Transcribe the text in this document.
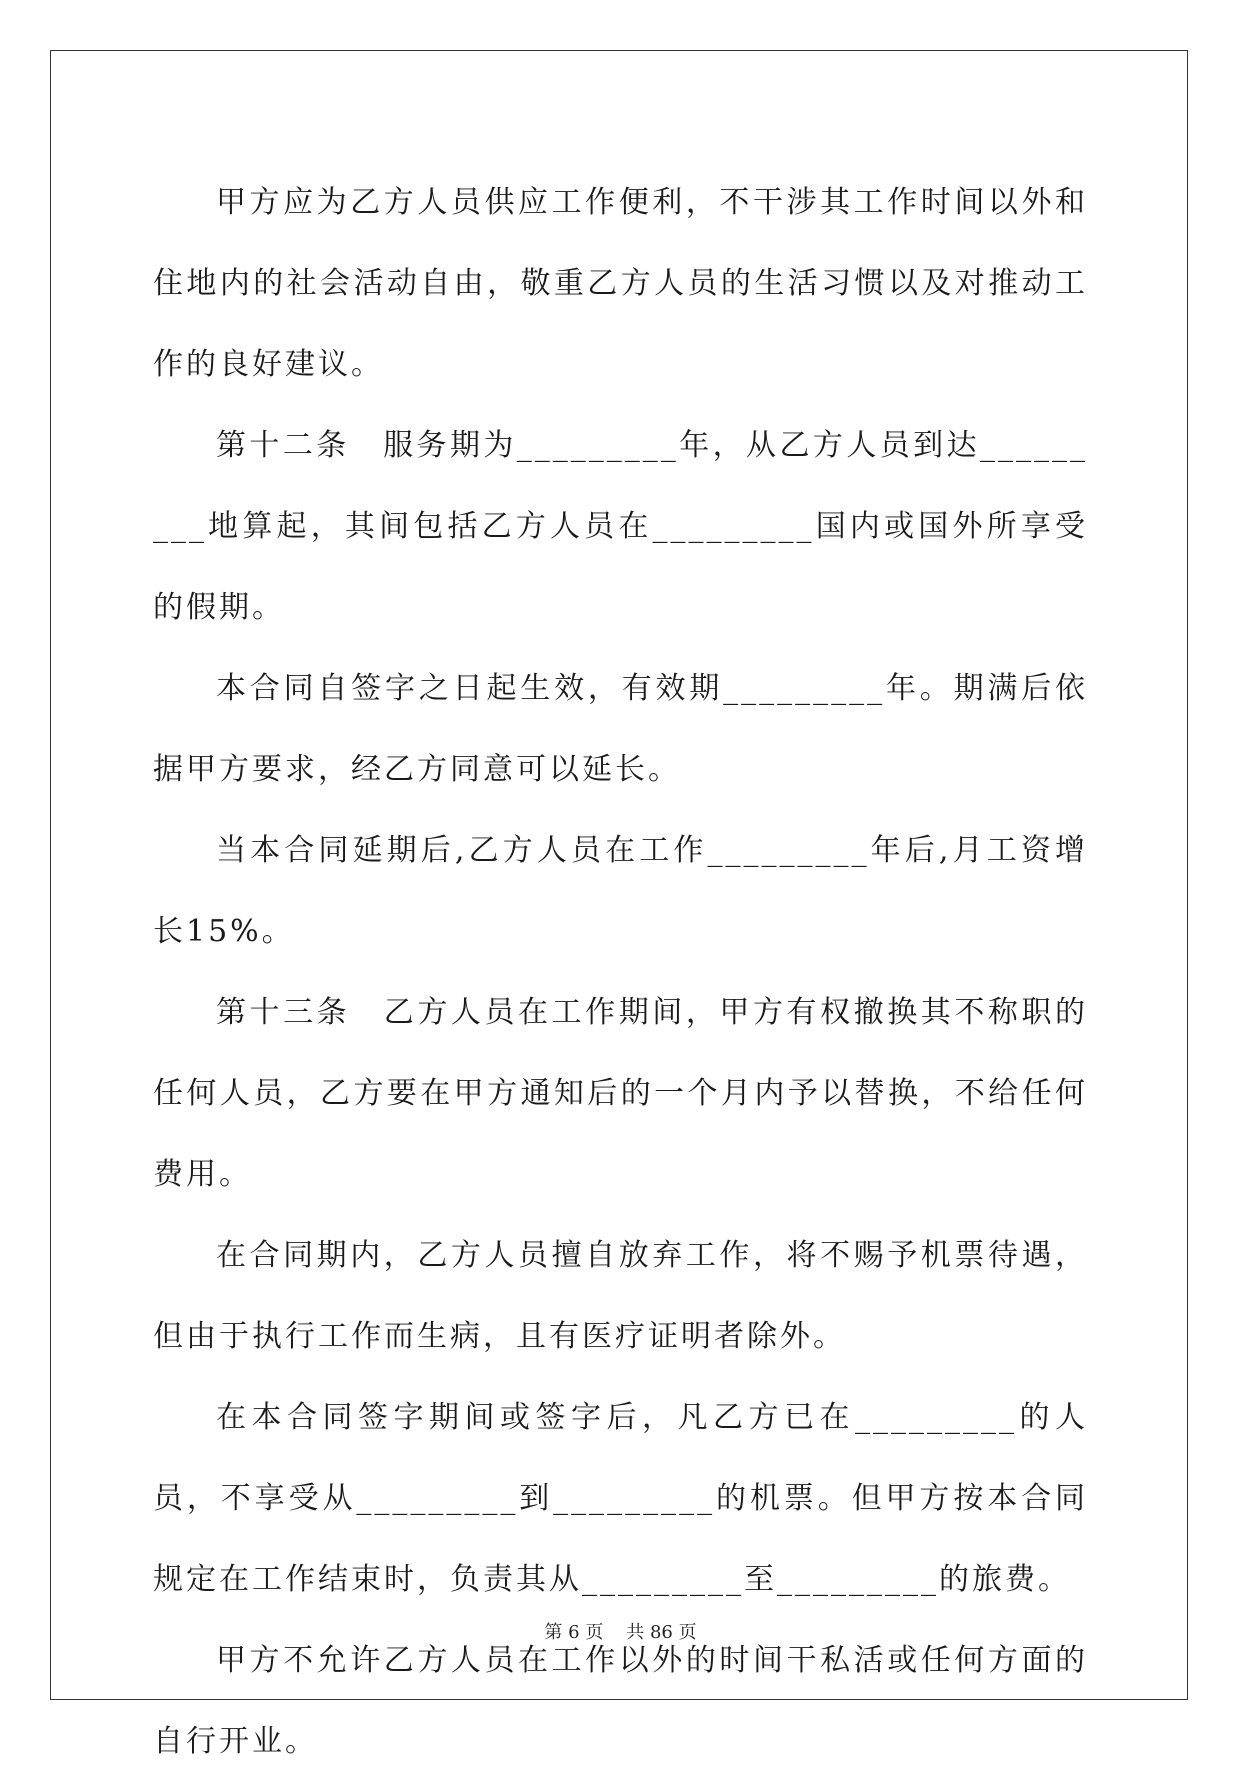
甲方应为乙方人员供应工作便利，不干涉其工作时间以外和住地内的社会活动自由，敬重乙方人员的生活习惯以及对推动工作的良好建议。

第十二条　服务期为_________年，从乙方人员到达_________地算起，其间包括乙方人员在_________国内或国外所享受的假期。

本合同自签字之日起生效，有效期_________年。期满后依据甲方要求，经乙方同意可以延长。

当本合同延期后,乙方人员在工作_________年后,月工资增长15%。

第十三条　乙方人员在工作期间，甲方有权撤换其不称职的任何人员，乙方要在甲方通知后的一个月内予以替换，不给任何费用。

在合同期内，乙方人员擅自放弃工作，将不赐予机票待遇，但由于执行工作而生病，且有医疗证明者除外。

在本合同签字期间或签字后，凡乙方已在_________的人员，不享受从_________到_________的机票。但甲方按本合同规定在工作结束时，负责其从_________至_________的旅费。

甲方不允许乙方人员在工作以外的时间干私活或任何方面的自行开业。

第 6 页 共 86 页
